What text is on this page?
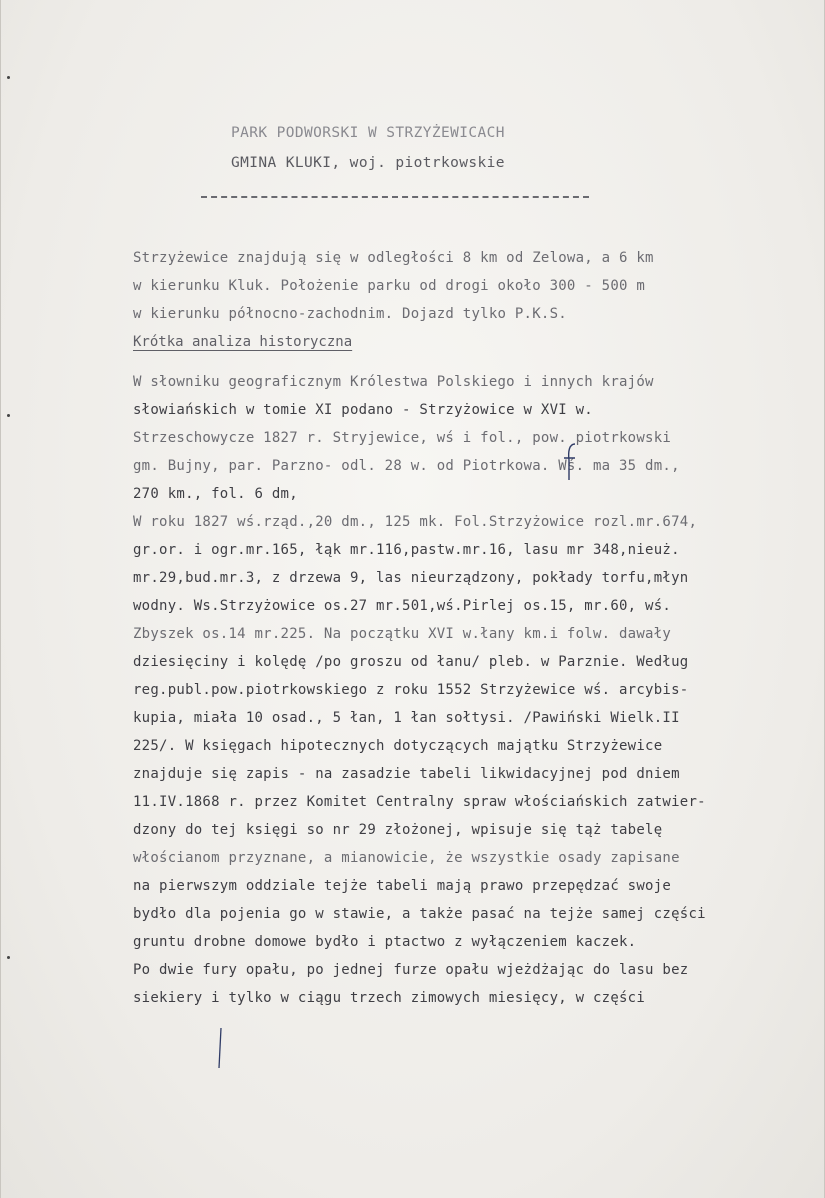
PARK PODWORSKI W STRZYŻEWICACH
GMINA KLUKI, woj. piotrkowskie
Strzyżewice znajdują się w odległości 8 km od Zelowa, a 6 km
w kierunku Kluk. Położenie parku od drogi około 300 - 500 m
w kierunku północno-zachodnim. Dojazd tylko P.K.S.
Krótka analiza historyczna
W słowniku geograficznym Królestwa Polskiego i innych krajów
słowiańskich w tomie XI podano - Strzyżowice w XVI w.
Strzeschowycze 1827 r. Stryjewice, wś i fol., pow. piotrkowski
gm. Bujny, par. Parzno- odl. 28 w. od Piotrkowa. Wś. ma 35 dm.,
270 km., fol. 6 dm,
W roku 1827 wś.rząd.,20 dm., 125 mk. Fol.Strzyżowice rozl.mr.674,
gr.or. i ogr.mr.165, łąk mr.116,pastw.mr.16, lasu mr 348,nieuż.
mr.29,bud.mr.3, z drzewa 9, las nieurządzony, pokłady torfu,młyn
wodny. Ws.Strzyżowice os.27 mr.501,wś.Pirlej os.15, mr.60, wś.
Zbyszek os.14 mr.225. Na początku XVI w.łany km.i folw. dawały
dziesięciny i kolędę /po groszu od łanu/ pleb. w Parznie. Według
reg.publ.pow.piotrkowskiego z roku 1552 Strzyżewice wś. arcybis-
kupia, miała 10 osad., 5 łan, 1 łan sołtysi. /Pawiński Wielk.II
225/. W księgach hipotecznych dotyczących majątku Strzyżewice
znajduje się zapis - na zasadzie tabeli likwidacyjnej pod dniem
11.IV.1868 r. przez Komitet Centralny spraw włościańskich zatwier-
dzony do tej księgi so nr 29 złożonej, wpisuje się tąż tabelę
włościanom przyznane, a mianowicie, że wszystkie osady zapisane
na pierwszym oddziale tejże tabeli mają prawo przepędzać swoje
bydło dla pojenia go w stawie, a także pasać na tejże samej części
gruntu drobne domowe bydło i ptactwo z wyłączeniem kaczek.
Po dwie fury opału, po jednej furze opału wjeżdżając do lasu bez
siekiery i tylko w ciągu trzech zimowych miesięcy, w części
